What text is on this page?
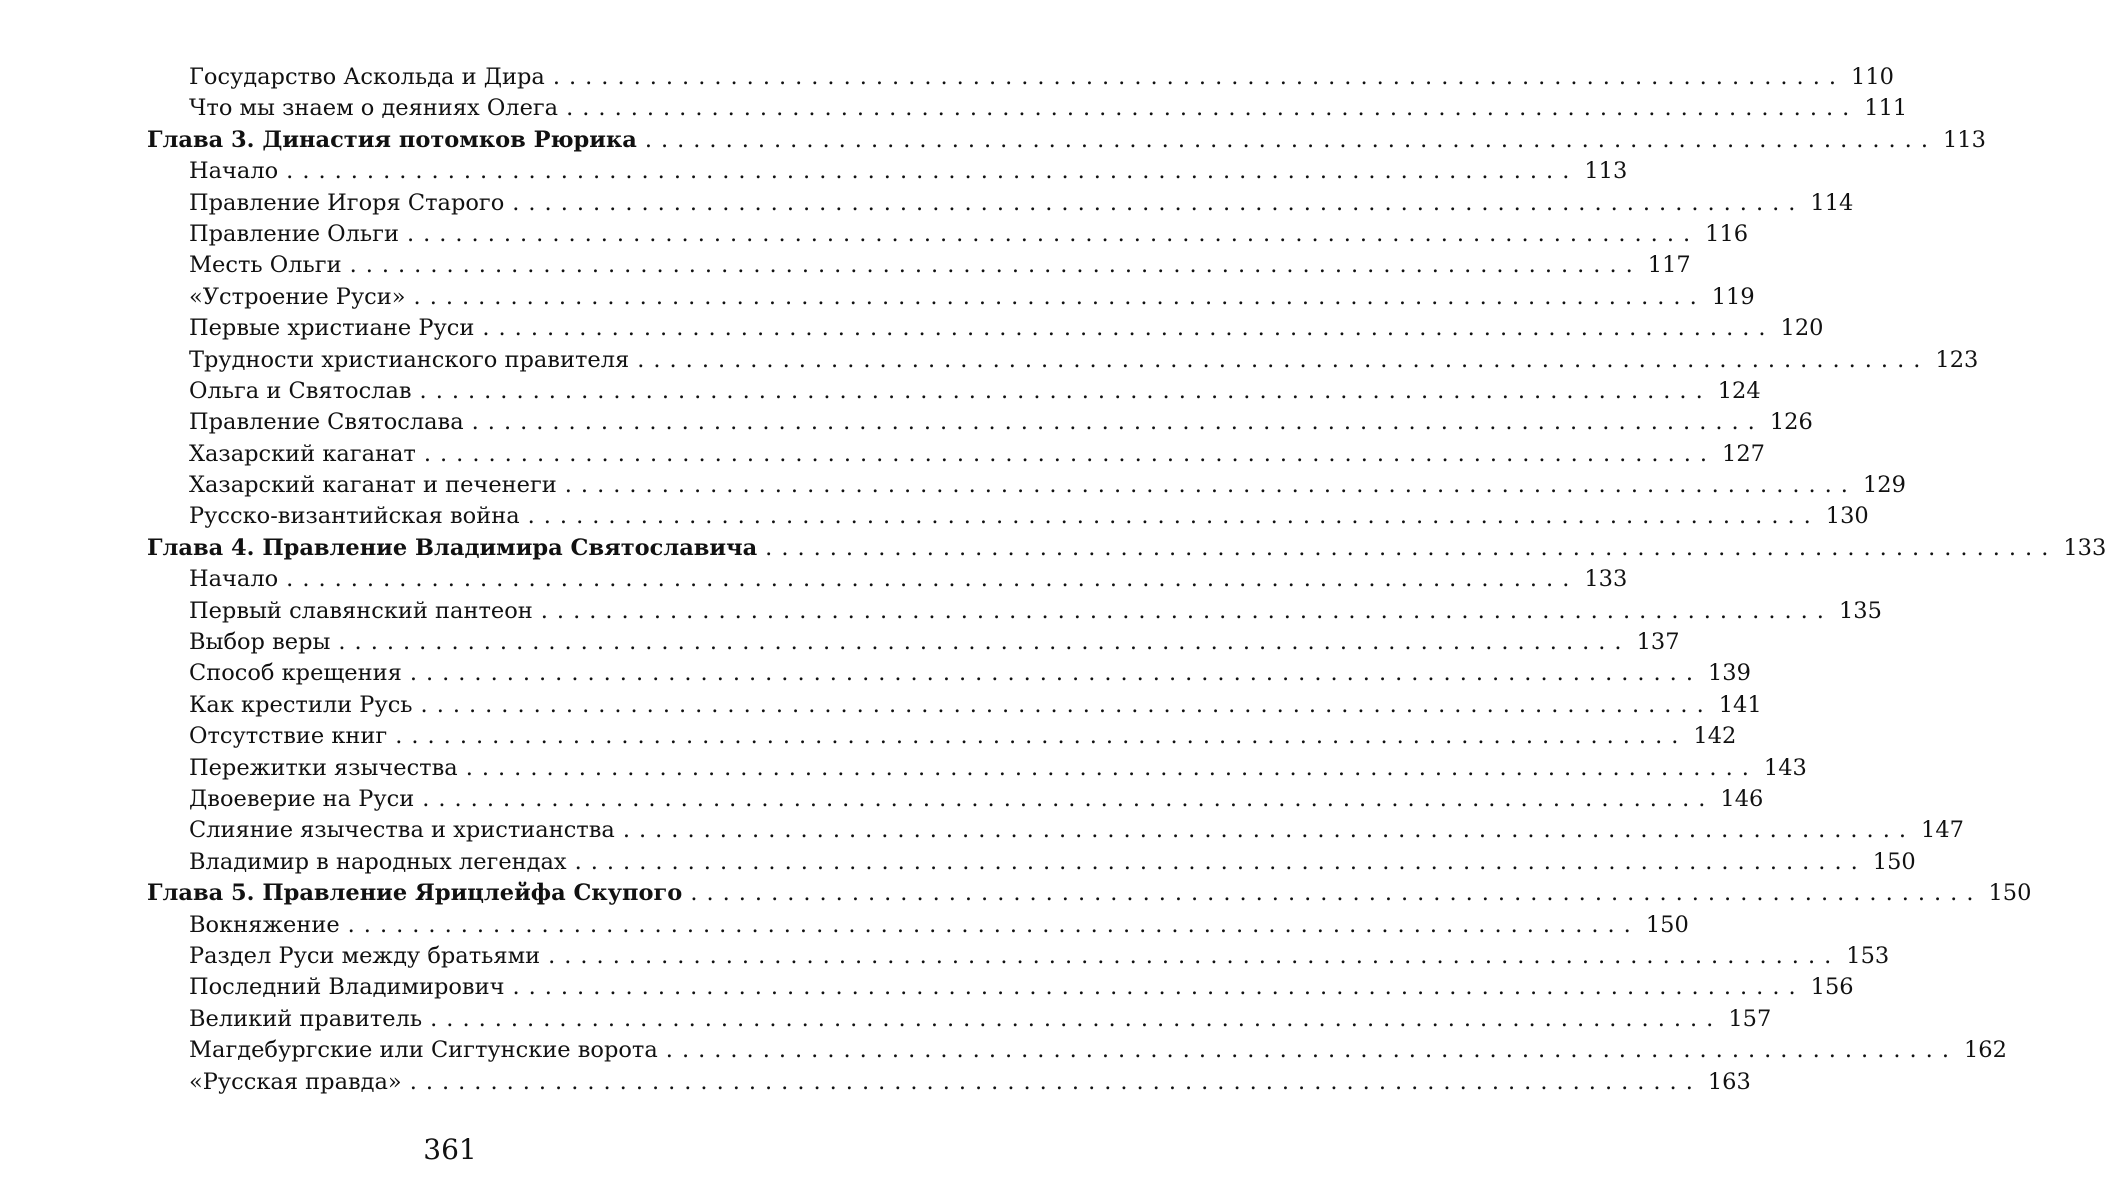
Государство Аскольда и Дира ................................................................................ 110
Что мы знаем о деяниях Олега ................................................................................ 111
Глава 3. Династия потомков Рюрика ................................................................................ 113
Начало ................................................................................ 113
Правление Игоря Старого ................................................................................ 114
Правление Ольги ................................................................................ 116
Месть Ольги ................................................................................ 117
«Устроение Руси» ................................................................................ 119
Первые христиане Руси ................................................................................ 120
Трудности христианского правителя ................................................................................ 123
Ольга и Святослав ................................................................................ 124
Правление Святослава ................................................................................ 126
Хазарский каганат ................................................................................ 127
Хазарский каганат и печенеги ................................................................................ 129
Русско-византийская война ................................................................................ 130
Глава 4. Правление Владимира Святославича ................................................................................ 133
Начало ................................................................................ 133
Первый славянский пантеон ................................................................................ 135
Выбор веры ................................................................................ 137
Способ крещения ................................................................................ 139
Как крестили Русь ................................................................................ 141
Отсутствие книг ................................................................................ 142
Пережитки язычества ................................................................................ 143
Двоеверие на Руси ................................................................................ 146
Слияние язычества и христианства ................................................................................ 147
Владимир в народных легендах ................................................................................ 150
Глава 5. Правление Ярицлейфа Скупого ................................................................................ 150
Вокняжение ................................................................................ 150
Раздел Руси между братьями ................................................................................ 153
Последний Владимирович ................................................................................ 156
Великий правитель ................................................................................ 157
Магдебургские или Сигтунские ворота ................................................................................ 162
«Русская правда» ................................................................................ 163
361
